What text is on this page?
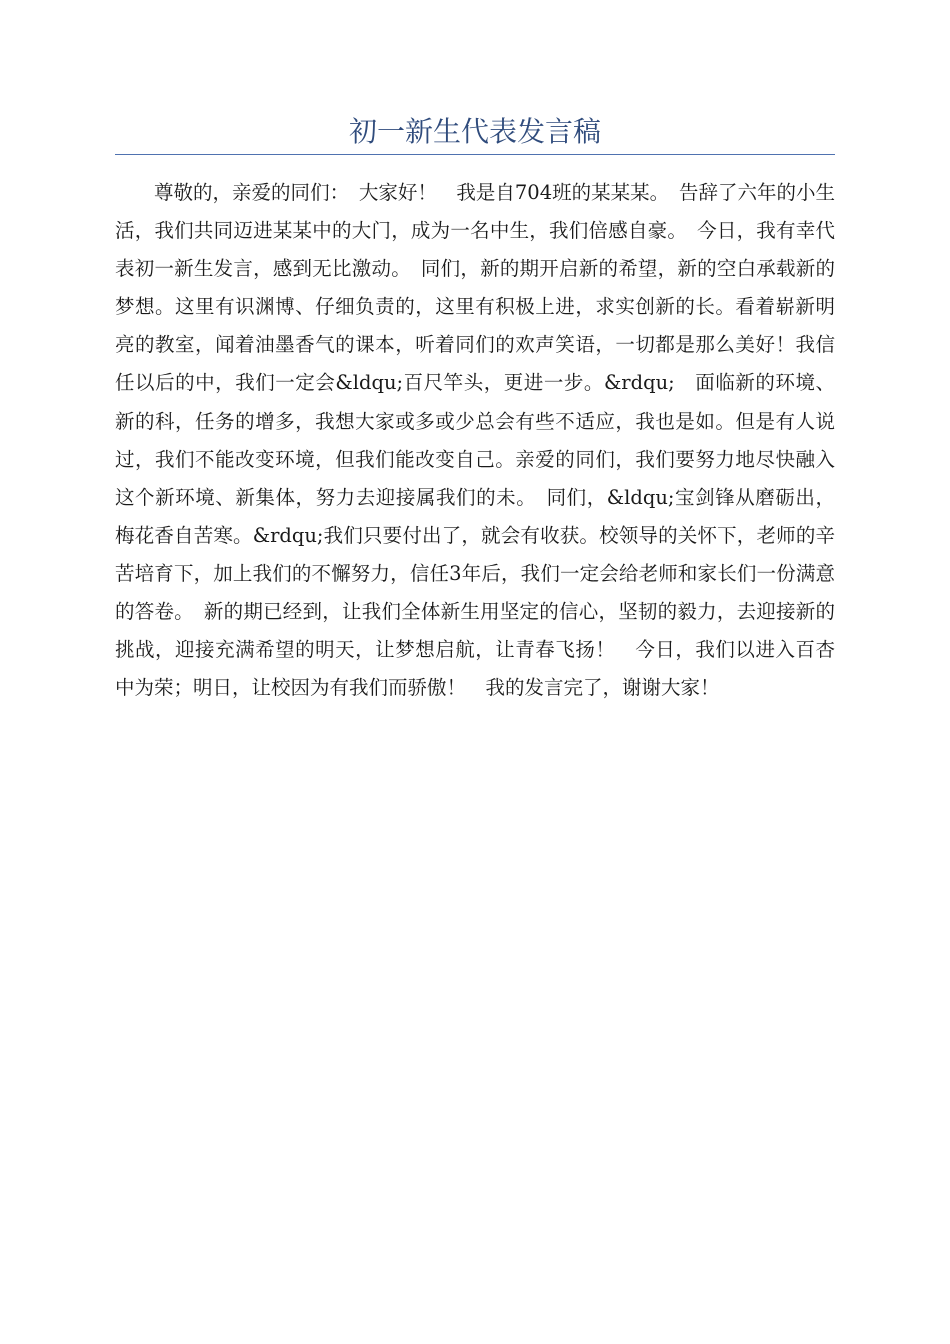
初一新生代表发言稿

尊敬的，亲爱的同们：　大家好！　我是自704班的某某某。　告辞了六年的小生活，我们共同迈进某某中的大门，成为一名中生，我们倍感自豪。　今日，我有幸代表初一新生发言，感到无比激动。　同们，新的期开启新的希望，新的空白承载新的梦想。这里有识渊博、仔细负责的，这里有积极上进，求实创新的长。看着崭新明亮的教室，闻着油墨香气的课本，听着同们的欢声笑语，一切都是那么美好！我信任以后的中，我们一定会&ldqu;百尺竿头，更进一步。&rdqu;　面临新的环境、新的科，任务的增多，我想大家或多或少总会有些不适应，我也是如。但是有人说过，我们不能改变环境，但我们能改变自己。亲爱的同们，我们要努力地尽快融入这个新环境、新集体，努力去迎接属我们的未。　同们，&ldqu;宝剑锋从磨砺出，梅花香自苦寒。&rdqu;我们只要付出了，就会有收获。校领导的关怀下，老师的辛苦培育下，加上我们的不懈努力，信任3年后，我们一定会给老师和家长们一份满意的答卷。　新的期已经到，让我们全体新生用坚定的信心，坚韧的毅力，去迎接新的挑战，迎接充满希望的明天，让梦想启航，让青春飞扬！　今日，我们以进入百杏中为荣；明日，让校因为有我们而骄傲！　我的发言完了，谢谢大家！
